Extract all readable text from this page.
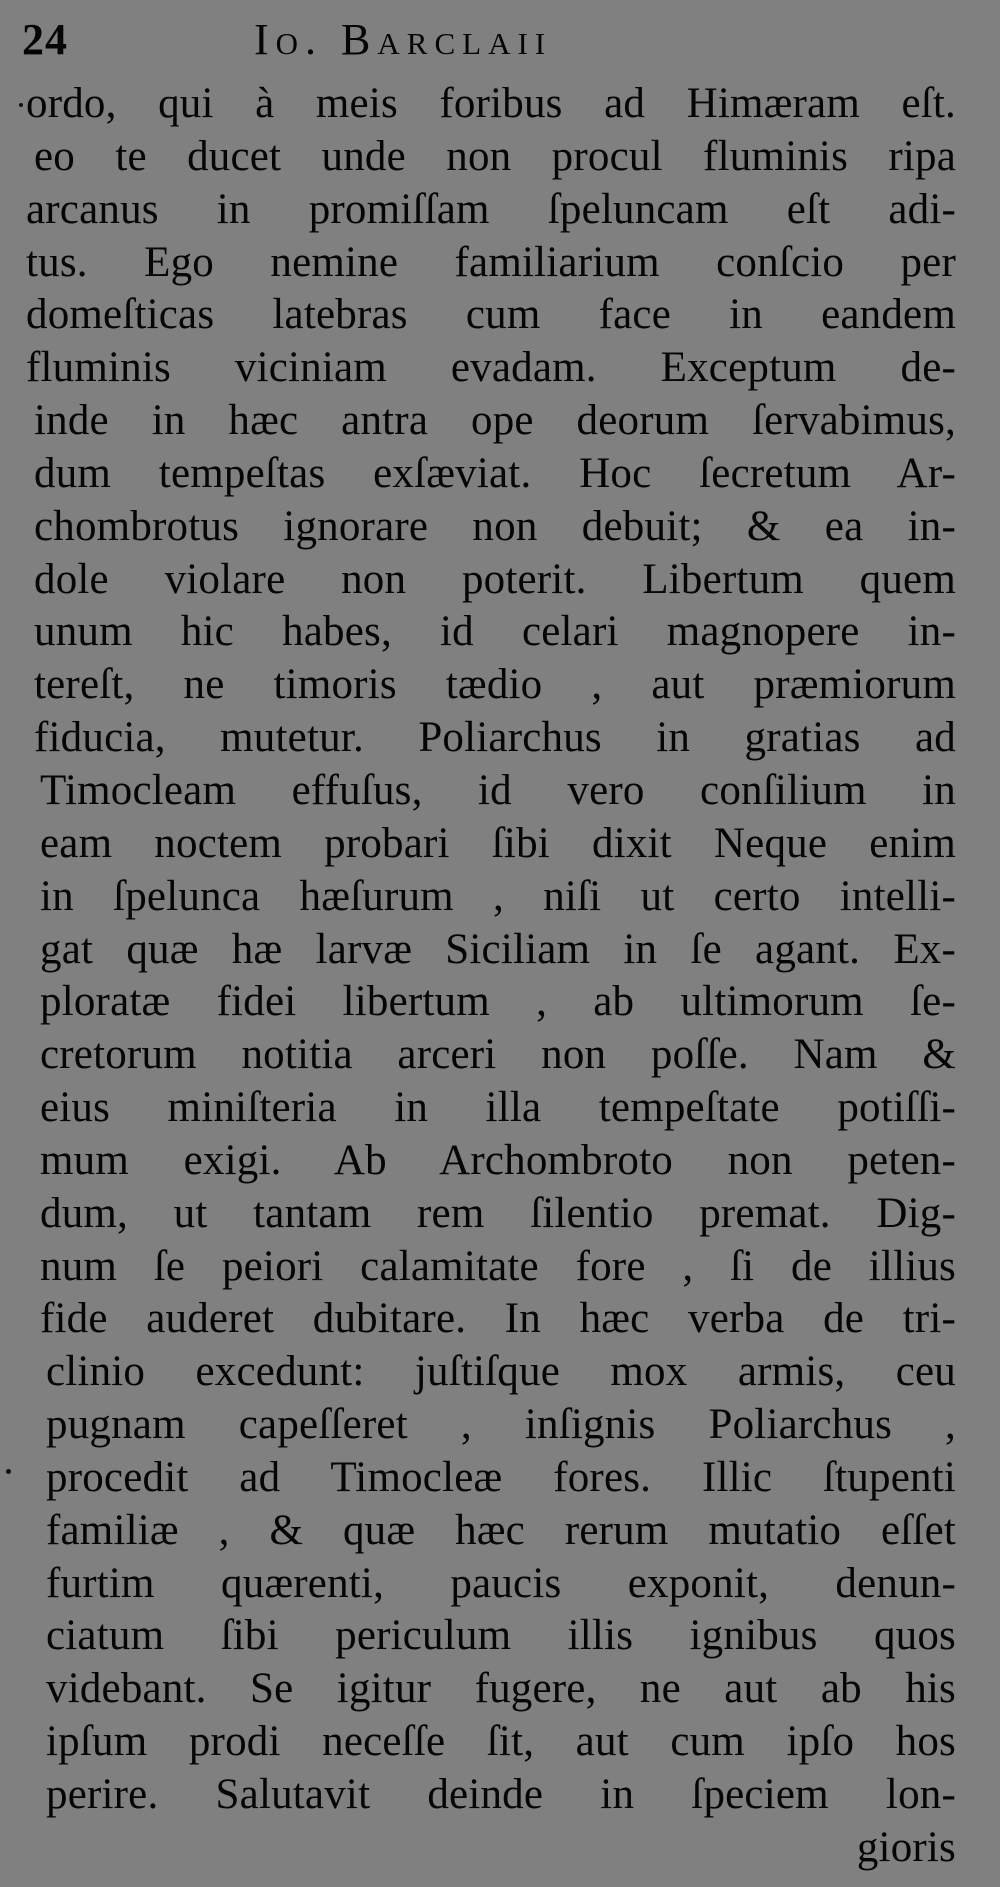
24	Io. Barclaii
ordo, qui à meis foribus ad Himæram eſt.
eo te ducet unde non procul fluminis ripa
arcanus in promiſſam ſpeluncam eſt adi-
tus. Ego nemine familiarium conſcio per
domeſticas latebras cum face in eandem
fluminis viciniam evadam. Exceptum de-
inde in hæc antra ope deorum ſervabimus,
dum tempeſtas exſæviat. Hoc ſecretum Ar-
chombrotus ignorare non debuit; & ea in-
dole violare non poterit. Libertum quem
unum hic habes, id celari magnopere in-
tereſt, ne timoris tædio , aut præmiorum
fiducia, mutetur. Poliarchus in gratias ad
Timocleam effuſus, id vero conſilium in
eam noctem probari ſibi dixit Neque enim
in ſpelunca hæſurum , niſi ut certo intelli-
gat quæ hæ larvæ Siciliam in ſe agant. Ex-
ploratæ fidei libertum , ab ultimorum ſe-
cretorum notitia arceri non poſſe. Nam &
eius miniſteria in illa tempeſtate potiſſi-
mum exigi. Ab Archombroto non peten-
dum, ut tantam rem ſilentio premat. Dig-
num ſe peiori calamitate fore , ſi de illius
fide auderet dubitare. In hæc verba de tri-
clinio excedunt: juſtiſque mox armis, ceu
pugnam capeſſeret , inſignis Poliarchus ,
procedit ad Timocleæ fores. Illic ſtupenti
familiæ , & quæ hæc rerum mutatio eſſet
furtim quærenti, paucis exponit, denun-
ciatum ſibi periculum illis ignibus quos
videbant. Se igitur fugere, ne aut ab his
ipſum prodi neceſſe ſit, aut cum ipſo hos
perire. Salutavit deinde in ſpeciem lon-
gioris
